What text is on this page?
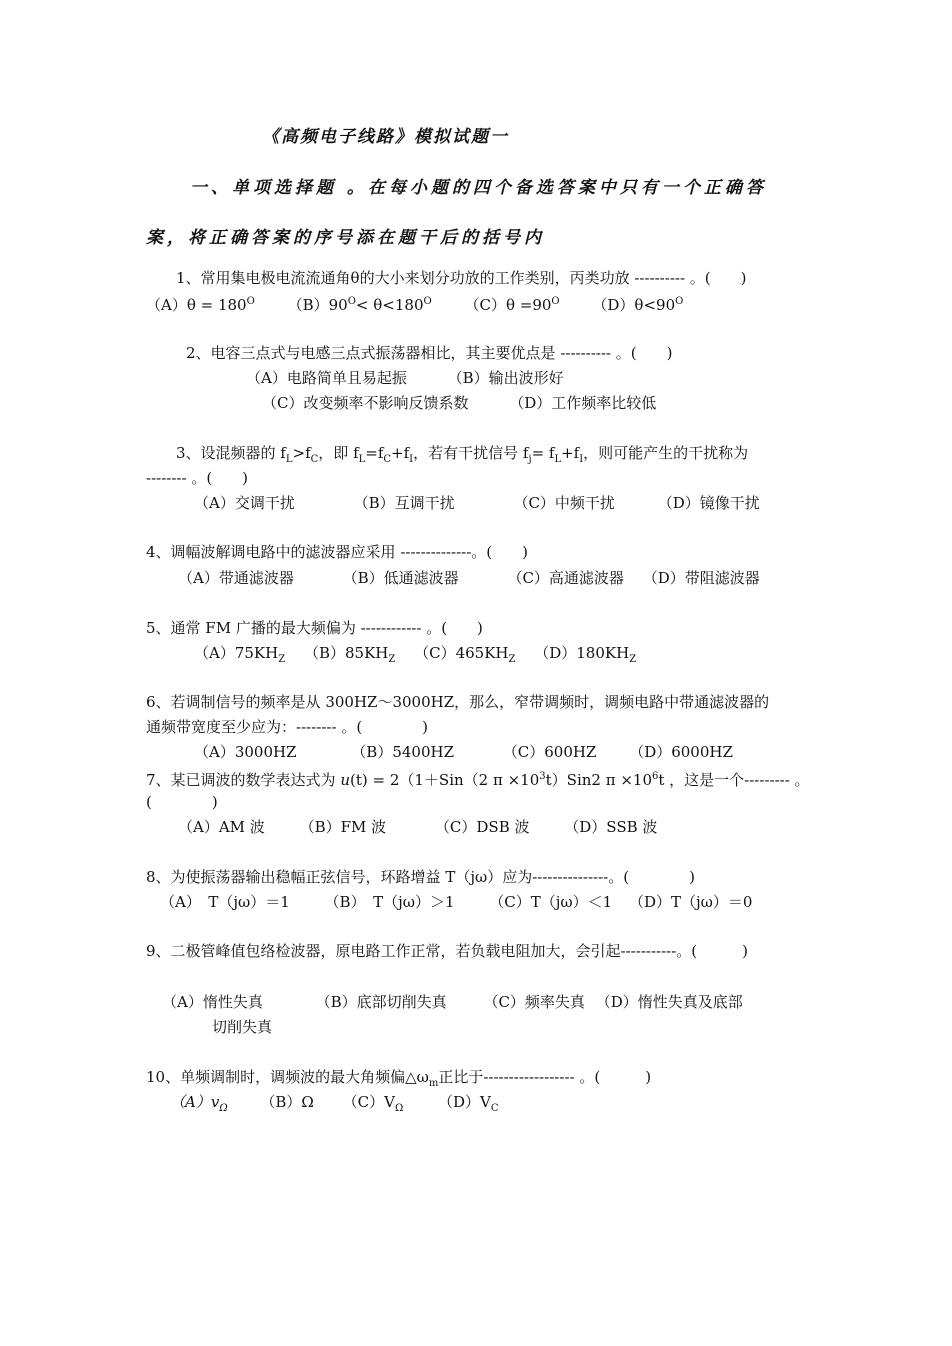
《高频电子线路》模拟试题一
一、单项选择题 。在每小题的四个备选答案中只有一个正确答
案，将正确答案的序号添在题干后的括号内
1、常用集电极电流流通角θ的大小来划分功放的工作类别，丙类功放 ---------- 。(　　)
$(A)\theta = 180^O$ $(B)90^O< \theta<180^O$ $(C)\theta =90^O$ $(D)\theta<90^O$
2、电容三点式与电感三点式振荡器相比，其主要优点是 ---------- 。(　　)
（A）电路简单且易起振	（B）输出波形好
（C）改变频率不影响反馈系数	（D）工作频率比较低
3、设混频器的 $f_L>f_C$，即 $f_L=f_C+f_I$，若有干扰信号 $f_j= f_L+f_I$，则可能产生的干扰称为
-------- 。(　　)
（A）交调干扰	（B）互调干扰	（C）中频干扰	（D）镜像干扰
4、调幅波解调电路中的滤波器应采用 --------------。(　　)
（A）带通滤波器	（B）低通滤波器	（C）高通滤波器 （D）带阻滤波器
5、通常 FM 广播的最大频偏为 ------------ 。(　　)
$(A)75KH_Z$ $(B)85KH_Z$ $(C)465KH_Z$ $(D)180KH_Z$
6、若调制信号的频率是从 300HZ～3000HZ，那么，窄带调频时，调频电路中带通滤波器的
通频带宽度至少应为：-------- 。(　　　　)
（A）3000HZ	（B）5400HZ	（C）600HZ （D）6000HZ
7、某已调波的数学表达式为 u(t) = 2（1＋Sin（2 $\pi \times 10^3t)Sin2$ $\pi \times 10^6t$ ，这是一个--------- 。
(　　　　)
（A）AM 波 （B）FM 波	（C）DSB 波 （D）SSB 波
8、为使振荡器输出稳幅正弦信号，环路增益 T（jω）应为---------------。(　　　　)
（A）　T（jω）＝1 （B）　T（jω）＞1 （C）T（jω）＜1 （D）T（jω）＝0
9、二极管峰值包络检波器，原电路工作正常，若负载电阻加大，会引起-----------。(　　　)
（A）惰性失真	（B）底部切削失真 （C）频率失真 （D）惰性失真及底部
切削失真
10、单频调制时，调频波的最大角频偏$\triangle\omega_m$正比于------------------ 。(　　　)
$(A)v_\Omega$ （B）Ω $(C)V_\Omega$ $(D)V_C$
